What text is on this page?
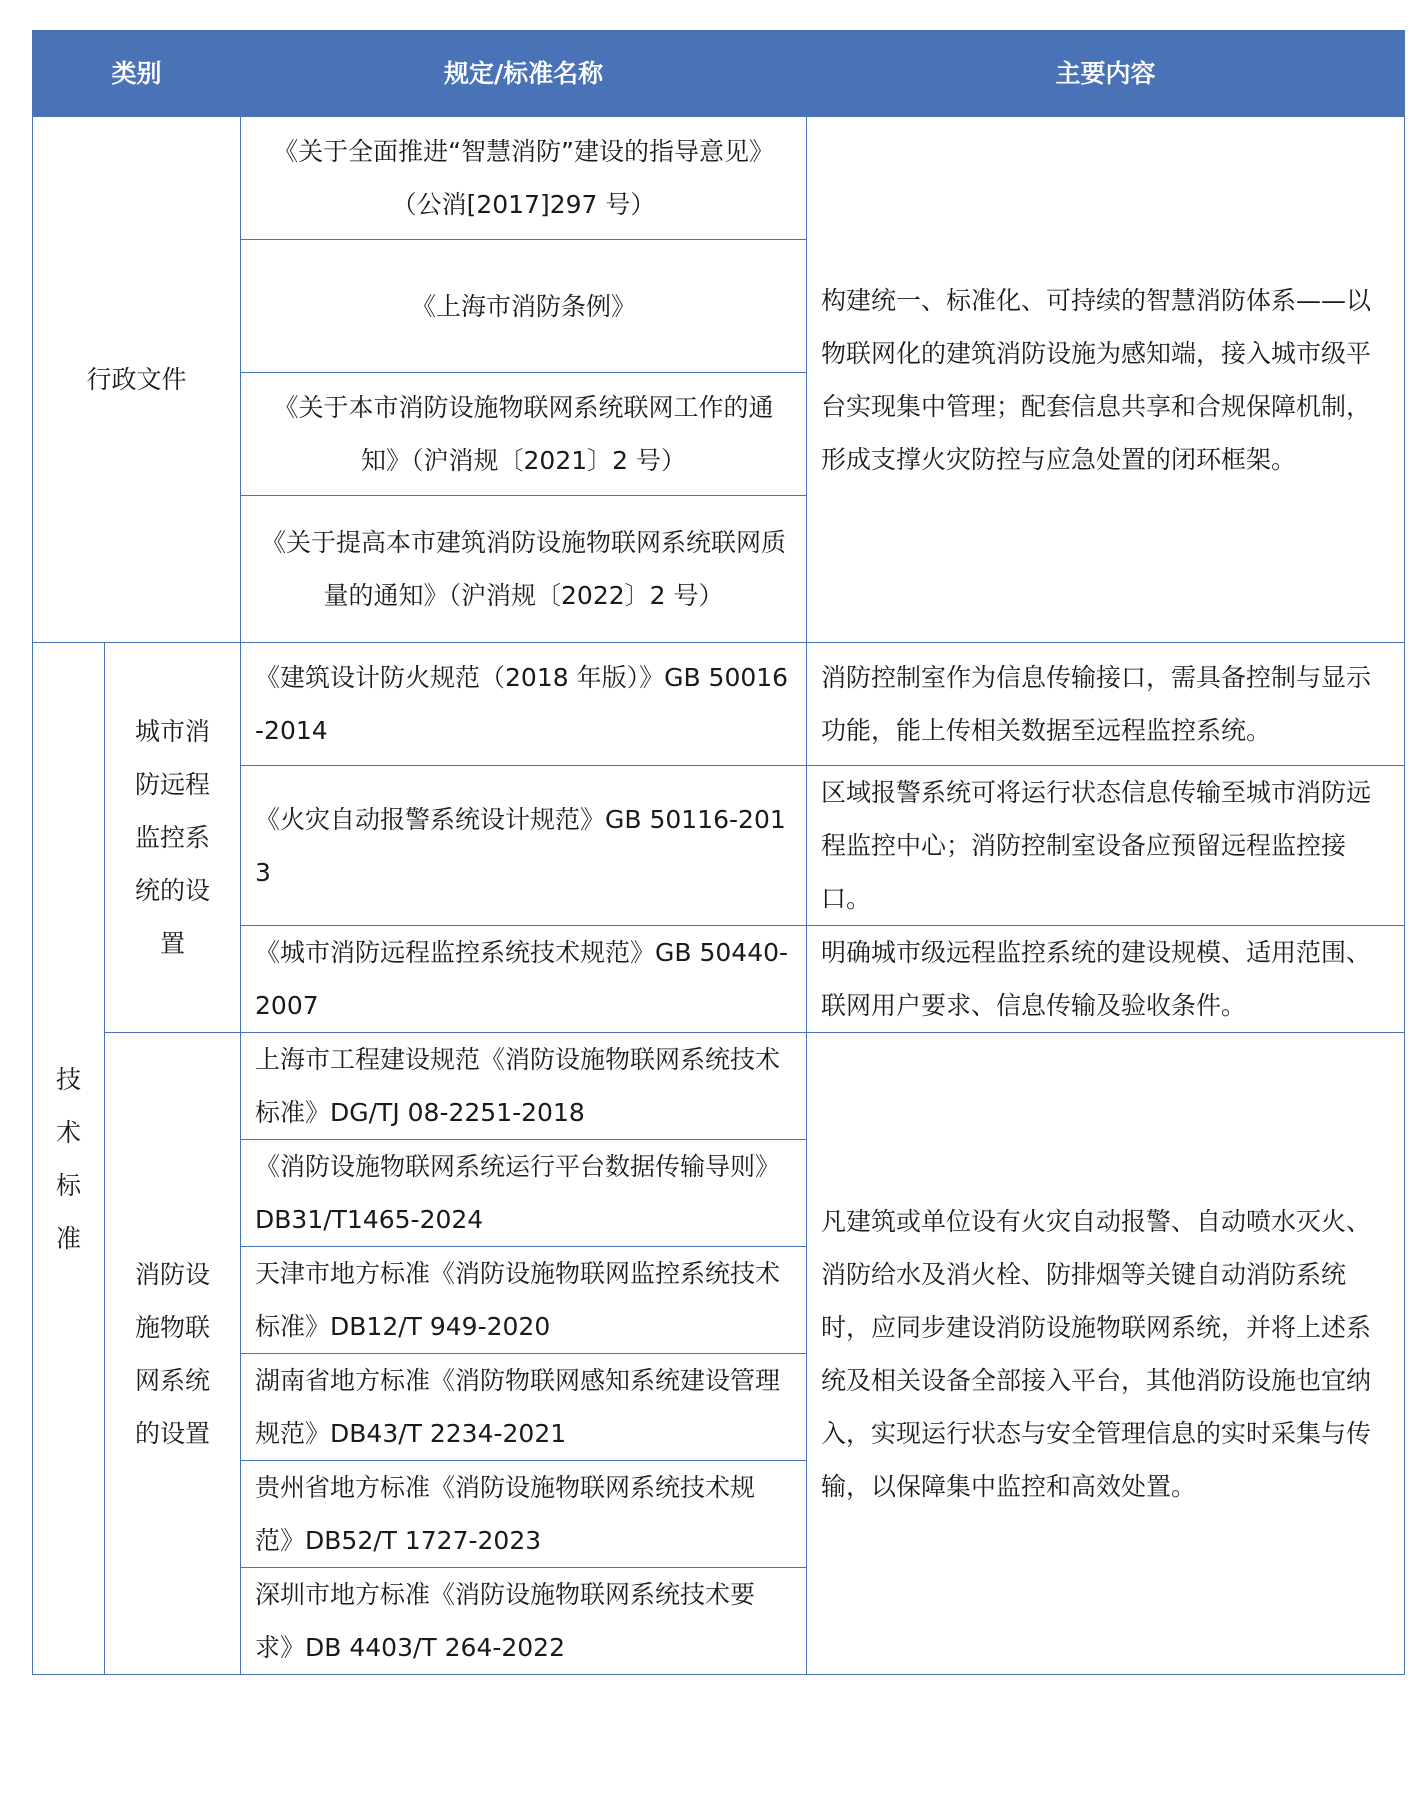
类别		规定/标准名称	主要内容
行政文件		《关于全面推进“智慧消防”建设的指导意见》（公消[2017]297 号）	构建统一、标准化、可持续的智慧消防体系——以物联网化的建筑消防设施为感知端，接入城市级平台实现集中管理；配套信息共享和合规保障机制，形成支撑火灾防控与应急处置的闭环框架。
		《上海市消防条例》	
		《关于本市消防设施物联网系统联网工作的通知》（沪消规〔2021〕2 号）	
		《关于提高本市建筑消防设施物联网系统联网质量的通知》（沪消规〔2022〕2 号）	

技术标准	城市消防远程监控系统的设置	《建筑设计防火规范（2018 年版）》GB 50016-2014	消防控制室作为信息传输接口，需具备控制与显示功能，能上传相关数据至远程监控系统。
		《火灾自动报警系统设计规范》GB 50116-2013	区域报警系统可将运行状态信息传输至城市消防远程监控中心；消防控制室设备应预留远程监控接口。
		《城市消防远程监控系统技术规范》GB 50440-2007	明确城市级远程监控系统的建设规模、适用范围、联网用户要求、信息传输及验收条件。
	消防设施物联网系统的设置	上海市工程建设规范《消防设施物联网系统技术标准》DG/TJ 08-2251-2018	凡建筑或单位设有火灾自动报警、自动喷水灭火、消防给水及消火栓、防排烟等关键自动消防系统时，应同步建设消防设施物联网系统，并将上述系统及相关设备全部接入平台，其他消防设施也宜纳入，实现运行状态与安全管理信息的实时采集与传输，以保障集中监控和高效处置。
		《消防设施物联网系统运行平台数据传输导则》DB31/T1465-2024	
		天津市地方标准《消防设施物联网监控系统技术标准》DB12/T 949-2020	
		湖南省地方标准《消防物联网感知系统建设管理规范》DB43/T 2234-2021	
		贵州省地方标准《消防设施物联网系统技术规范》DB52/T 1727-2023	
		深圳市地方标准《消防设施物联网系统技术要求》DB 4403/T 264-2022	
